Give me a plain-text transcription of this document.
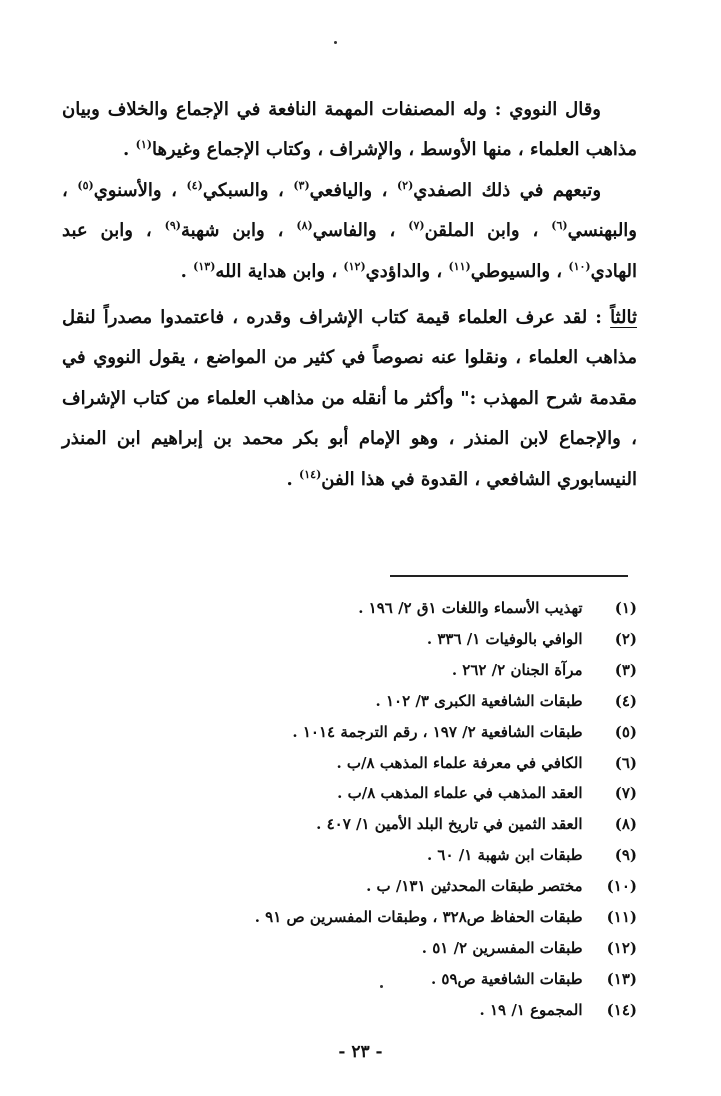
وقال النووي : وله المصنفات المهمة النافعة في الإجماع والخلاف وبيان مذاهب العلماء ، منها الأوسط ، والإشراف ، وكتاب الإجماع وغيرها$^{(١)}$ .

وتبعهم في ذلك الصفدي$^{(٢)}$ ، واليافعي$^{(٣)}$ ، والسبكي$^{(٤)}$ ، والأسنوي$^{(٥)}$ ، والبهنسي$^{(٦)}$ ، وابن الملقن$^{(٧)}$ ، والفاسي$^{(٨)}$ ، وابن شهبة$^{(٩)}$ ، وابن عبد الهادي$^{(١٠)}$ ، والسيوطي$^{(١١)}$ ، والداؤدي$^{(١٢)}$ ، وابن هداية الله$^{(١٣)}$ .

ثالثاً : لقد عرف العلماء قيمة كتاب الإشراف وقدره ، فاعتمدوا مصدراً لنقل مذاهب العلماء ، ونقلوا عنه نصوصاً في كثير من المواضع ، يقول النووي في مقدمة شرح المهذب :" وأكثر ما أنقله من مذاهب العلماء من كتاب الإشراف ، والإجماع لابن المنذر ، وهو الإمام أبو بكر محمد بن إبراهيم ابن المنذر النيسابوري الشافعي ، القدوة في هذا الفن$^{(١٤)}$ .

(١)  تهذيب الأسماء واللغات ١ق ٢/ ١٩٦ .
(٢)  الوافي بالوفيات ١/ ٣٣٦ .
(٣)  مرآة الجنان ٢/ ٢٦٢ .
(٤)  طبقات الشافعية الكبرى ٣/ ١٠٢ .
(٥)  طبقات الشافعية ٢/ ١٩٧ ، رقم الترجمة ١٠١٤ .
(٦)  الكافي في معرفة علماء المذهب ٨/ب .
(٧)  العقد المذهب في علماء المذهب ٨/ب .
(٨)  العقد الثمين في تاريخ البلد الأمين ١/ ٤٠٧ .
(٩)  طبقات ابن شهبة ١/ ٦٠ .
(١٠)  مختصر طبقات المحدثين ١٣١/ ب .
(١١)  طبقات الحفاظ ص٣٢٨ ، وطبقات المفسرين ص ٩١ .
(١٢)  طبقات المفسرين ٢/ ٥١ .
(١٣)  طبقات الشافعية ص٥٩ .
(١٤)  المجموع ١/ ١٩ .
- ٢٣ -
